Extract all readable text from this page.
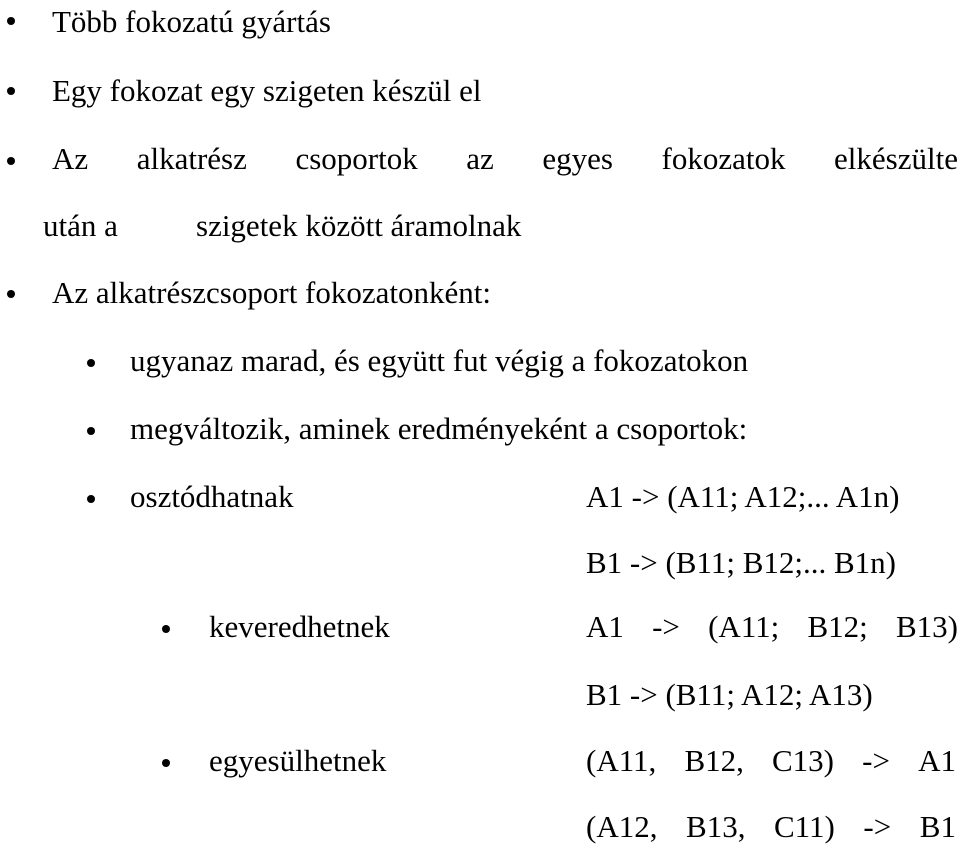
Több fokozatú gyártás
Egy fokozat egy szigeten készül el
Az alkatrész csoportok az egyes fokozatok elkészülte
után a	szigetek között áramolnak
Az alkatrészcsoport fokozatonként:
ugyanaz marad, és együtt fut végig a fokozatokon
megváltozik, aminek eredményeként a csoportok:
osztódhatnak	A1 -> (A11; A12;... A1n)
B1 -> (B11; B12;... B1n)
keveredhetnek	A1 -> (A11; B12; B13)
B1 -> (B11; A12; A13)
egyesülhetnek	(A11, B12, C13) -> A1
(A12, B13, C11) -> B1
